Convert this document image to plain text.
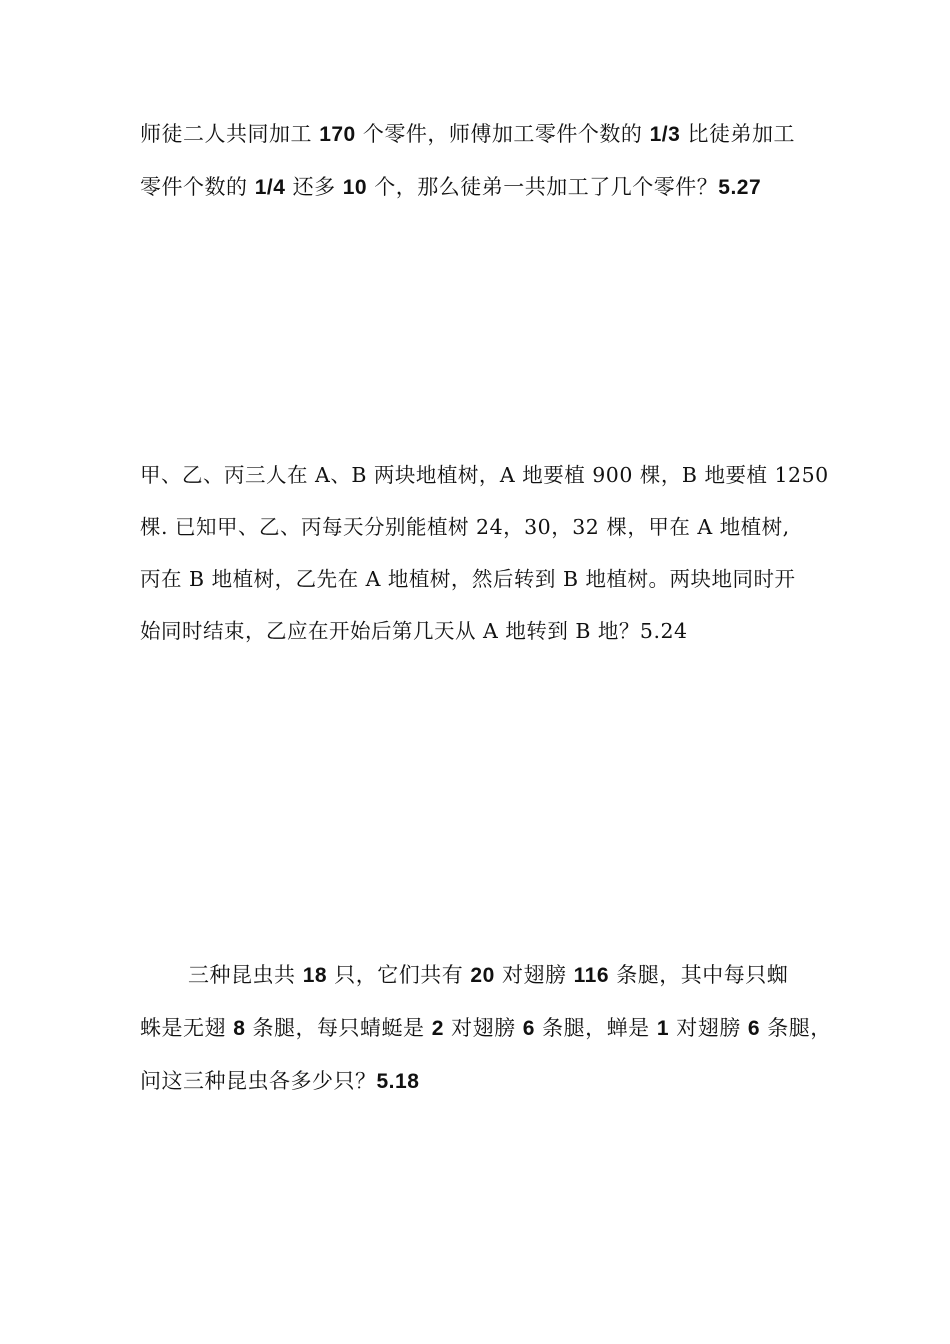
师徒二人共同加工 170 个零件，师傅加工零件个数的 1/3 比徒弟加工
零件个数的 1/4 还多 10 个，那么徒弟一共加工了几个零件？5.27
甲、乙、丙三人在 A、B 两块地植树，A 地要植 900 棵，B 地要植 1250
棵. 已知甲、乙、丙每天分别能植树 24，30，32 棵，甲在 A 地植树,
丙在 B 地植树，乙先在 A 地植树，然后转到 B 地植树。两块地同时开
始同时结束，乙应在开始后第几天从 A 地转到 B 地？5.24
三种昆虫共 18 只，它们共有 20 对翅膀 116 条腿，其中每只蜘
蛛是无翅 8 条腿，每只蜻蜓是 2 对翅膀 6 条腿，蝉是 1 对翅膀 6 条腿，
问这三种昆虫各多少只？5.18
